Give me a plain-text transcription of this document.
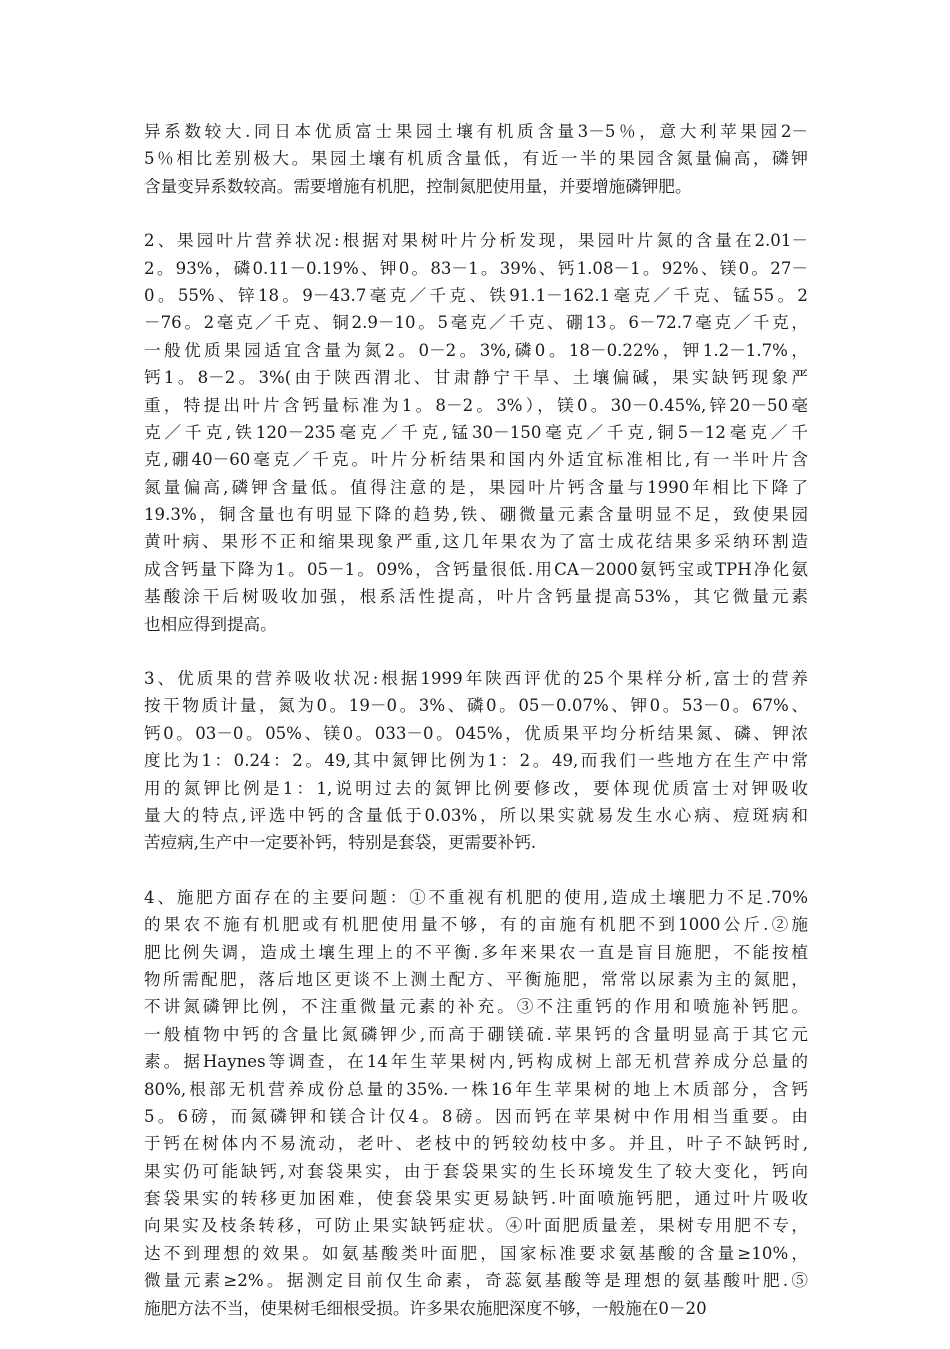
异系数较大.同日本优质富士果园土壤有机质含量3－5％，意大利苹果园2－
5％相比差别极大。果园土壤有机质含量低，有近一半的果园含氮量偏高，磷钾
含量变异系数较高。需要增施有机肥，控制氮肥使用量，并要增施磷钾肥。
2、果园叶片营养状况:根据对果树叶片分析发现，果园叶片氮的含量在2.01－
2。93%，磷0.11－0.19%、钾0。83－1。39%、钙1.08－1。92%、镁0。27－
0。55%、锌18。9－43.7毫克／千克、铁91.1－162.1毫克／千克、锰55。2
－76。2毫克／千克、铜2.9－10。5毫克／千克、硼13。6－72.7毫克／千克，
一般优质果园适宜含量为氮2。0－2。3%,磷0。18－0.22%，钾1.2－1.7%，
钙1。8－2。3%(由于陕西渭北、甘肃静宁干旱、土壤偏碱，果实缺钙现象严
重，特提出叶片含钙量标准为1。8－2。3%），镁0。30－0.45%,锌20－50毫
克／千克,铁120－235毫克／千克,锰30－150毫克／千克,铜5－12毫克／千
克,硼40－60毫克／千克。叶片分析结果和国内外适宜标准相比,有一半叶片含
氮量偏高,磷钾含量低。值得注意的是，果园叶片钙含量与1990年相比下降了
19.3%，铜含量也有明显下降的趋势,铁、硼微量元素含量明显不足，致使果园
黄叶病、果形不正和缩果现象严重,这几年果农为了富士成花结果多采纳环割造
成含钙量下降为1。05－1。09%，含钙量很低.用CA－2000氨钙宝或TPH净化氨
基酸涂干后树吸收加强，根系活性提高，叶片含钙量提高53%，其它微量元素
也相应得到提高。
3、优质果的营养吸收状况:根据1999年陕西评优的25个果样分析,富士的营养
按干物质计量，氮为0。19－0。3%、磷0。05－0.07%、钾0。53－0。67%、
钙0。03－0。05%、镁0。033－0。045%，优质果平均分析结果氮、磷、钾浓
度比为1：0.24：2。49,其中氮钾比例为1：2。49,而我们一些地方在生产中常
用的氮钾比例是1：1,说明过去的氮钾比例要修改，要体现优质富士对钾吸收
量大的特点,评选中钙的含量低于0.03%，所以果实就易发生水心病、痘斑病和
苦痘病,生产中一定要补钙，特别是套袋，更需要补钙.
4、施肥方面存在的主要问题：①不重视有机肥的使用,造成土壤肥力不足.70%
的果农不施有机肥或有机肥使用量不够，有的亩施有机肥不到1000公斤.②施
肥比例失调，造成土壤生理上的不平衡.多年来果农一直是盲目施肥，不能按植
物所需配肥，落后地区更谈不上测土配方、平衡施肥，常常以尿素为主的氮肥，
不讲氮磷钾比例，不注重微量元素的补充。③不注重钙的作用和喷施补钙肥。
一般植物中钙的含量比氮磷钾少,而高于硼镁硫.苹果钙的含量明显高于其它元
素。据Haynes等调查，在14年生苹果树内,钙构成树上部无机营养成分总量的
80%,根部无机营养成份总量的35%.一株16年生苹果树的地上木质部分，含钙
5。6磅，而氮磷钾和镁合计仅4。8磅。因而钙在苹果树中作用相当重要。由
于钙在树体内不易流动，老叶、老枝中的钙较幼枝中多。并且，叶子不缺钙时,
果实仍可能缺钙,对套袋果实，由于套袋果实的生长环境发生了较大变化，钙向
套袋果实的转移更加困难，使套袋果实更易缺钙.叶面喷施钙肥，通过叶片吸收
向果实及枝条转移，可防止果实缺钙症状。④叶面肥质量差，果树专用肥不专，
达不到理想的效果。如氨基酸类叶面肥，国家标准要求氨基酸的含量≥10%，
微量元素≥2%。据测定目前仅生命素，奇蕊氨基酸等是理想的氨基酸叶肥.⑤
施肥方法不当，使果树毛细根受损。许多果农施肥深度不够，一般施在0－20
